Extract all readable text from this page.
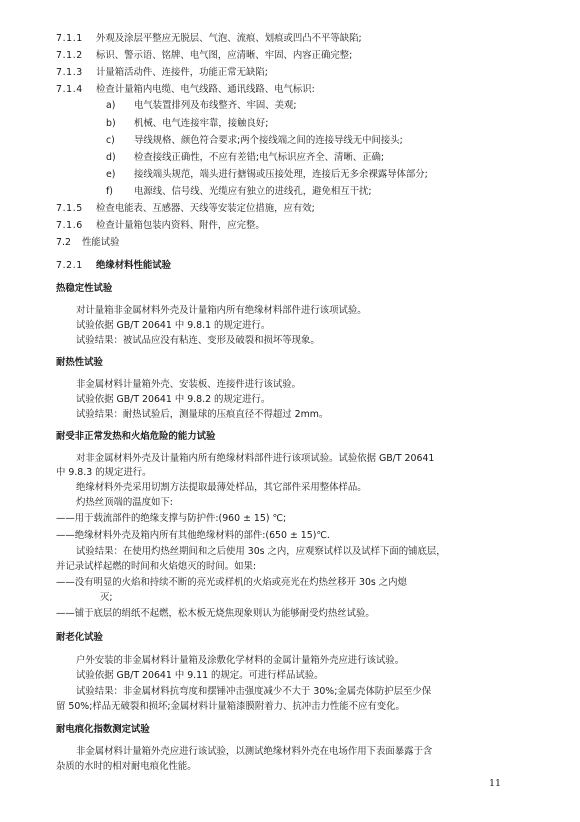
7.1.1 外观及涂层平整应无脱层、气泡、流痕、划痕或凹凸不平等缺陷;
7.1.2 标识、警示语、铭牌、电气图，应清晰、牢固、内容正确完整;
7.1.3 计量箱活动件、连接件，功能正常无缺陷;
7.1.4 检查计量箱内电缆、电气线路、通讯线路、电气标识:
a) 电气装置排列及布线整齐、牢固、美观;
b) 机械、电气连接牢靠，接触良好;
c) 导线规格、颜色符合要求;两个接线端之间的连接导线无中间接头;
d) 检查接线正确性，不应有差错;电气标识应齐全、清晰、正确;
e) 接线端头规范，端头进行搪锡或压接处理，连接后无多余裸露导体部分;
f) 电源线、信号线、光缆应有独立的进线孔，避免相互干扰;
7.1.5 检查电能表、互感器、天线等安装定位措施，应有效;
7.1.6 检查计量箱包装内资料、附件，应完整。
7.2 性能试验
7.2.1 绝缘材料性能试验
热稳定性试验
对计量箱非金属材料外壳及计量箱内所有绝缘材料部件进行该项试验。
试验依据 GB/T 20641 中 9.8.1 的规定进行。
试验结果：被试品应没有粘连、变形及破裂和损坏等现象。
耐热性试验
非金属材料计量箱外壳、安装板、连接件进行该试验。
试验依据 GB/T 20641 中 9.8.2 的规定进行。
试验结果：耐热试验后，测量球的压痕直径不得超过 2mm。
耐受非正常发热和火焰危险的能力试验
对非金属材料外壳及计量箱内所有绝缘材料部件进行该项试验。试验依据 GB/T 20641
中 9.8.3 的规定进行。
绝缘材料外壳采用切割方法提取最薄处样品，其它部件采用整体样品。
灼热丝顶端的温度如下:
——用于载流部件的绝缘支撑与防护件:(960 ± 15) ℃;
——绝缘材料外壳及箱内所有其他绝缘材料的部件:(650 ± 15)℃.
试验结果：在使用灼热丝期间和之后使用 30s 之内，应观察试样以及试样下面的铺底层，
并记录试样起燃的时间和火焰熄灭的时间。如果:
——没有明显的火焰和持续不断的亮光或样机的火焰或亮光在灼热丝移开 30s 之内熄
灭;
——铺于底层的绢纸不起燃，松木板无烧焦现象则认为能够耐受灼热丝试验。
耐老化试验
户外安装的非金属材料计量箱及涂敷化学材料的金属计量箱外壳应进行该试验。
试验依据 GB/T 20641 中 9.11 的规定。可进行样品试验。
试验结果：非金属材料抗弯度和摆锤冲击强度减少不大于 30%;金属壳体防护层至少保
留 50%;样品无破裂和损坏;金属材料计量箱漆膜附着力、抗冲击力性能不应有变化。
耐电痕化指数测定试验
非金属材料计量箱外壳应进行该试验，以测试绝缘材料外壳在电场作用下表面暴露于含
杂质的水时的相对耐电痕化性能。
11
